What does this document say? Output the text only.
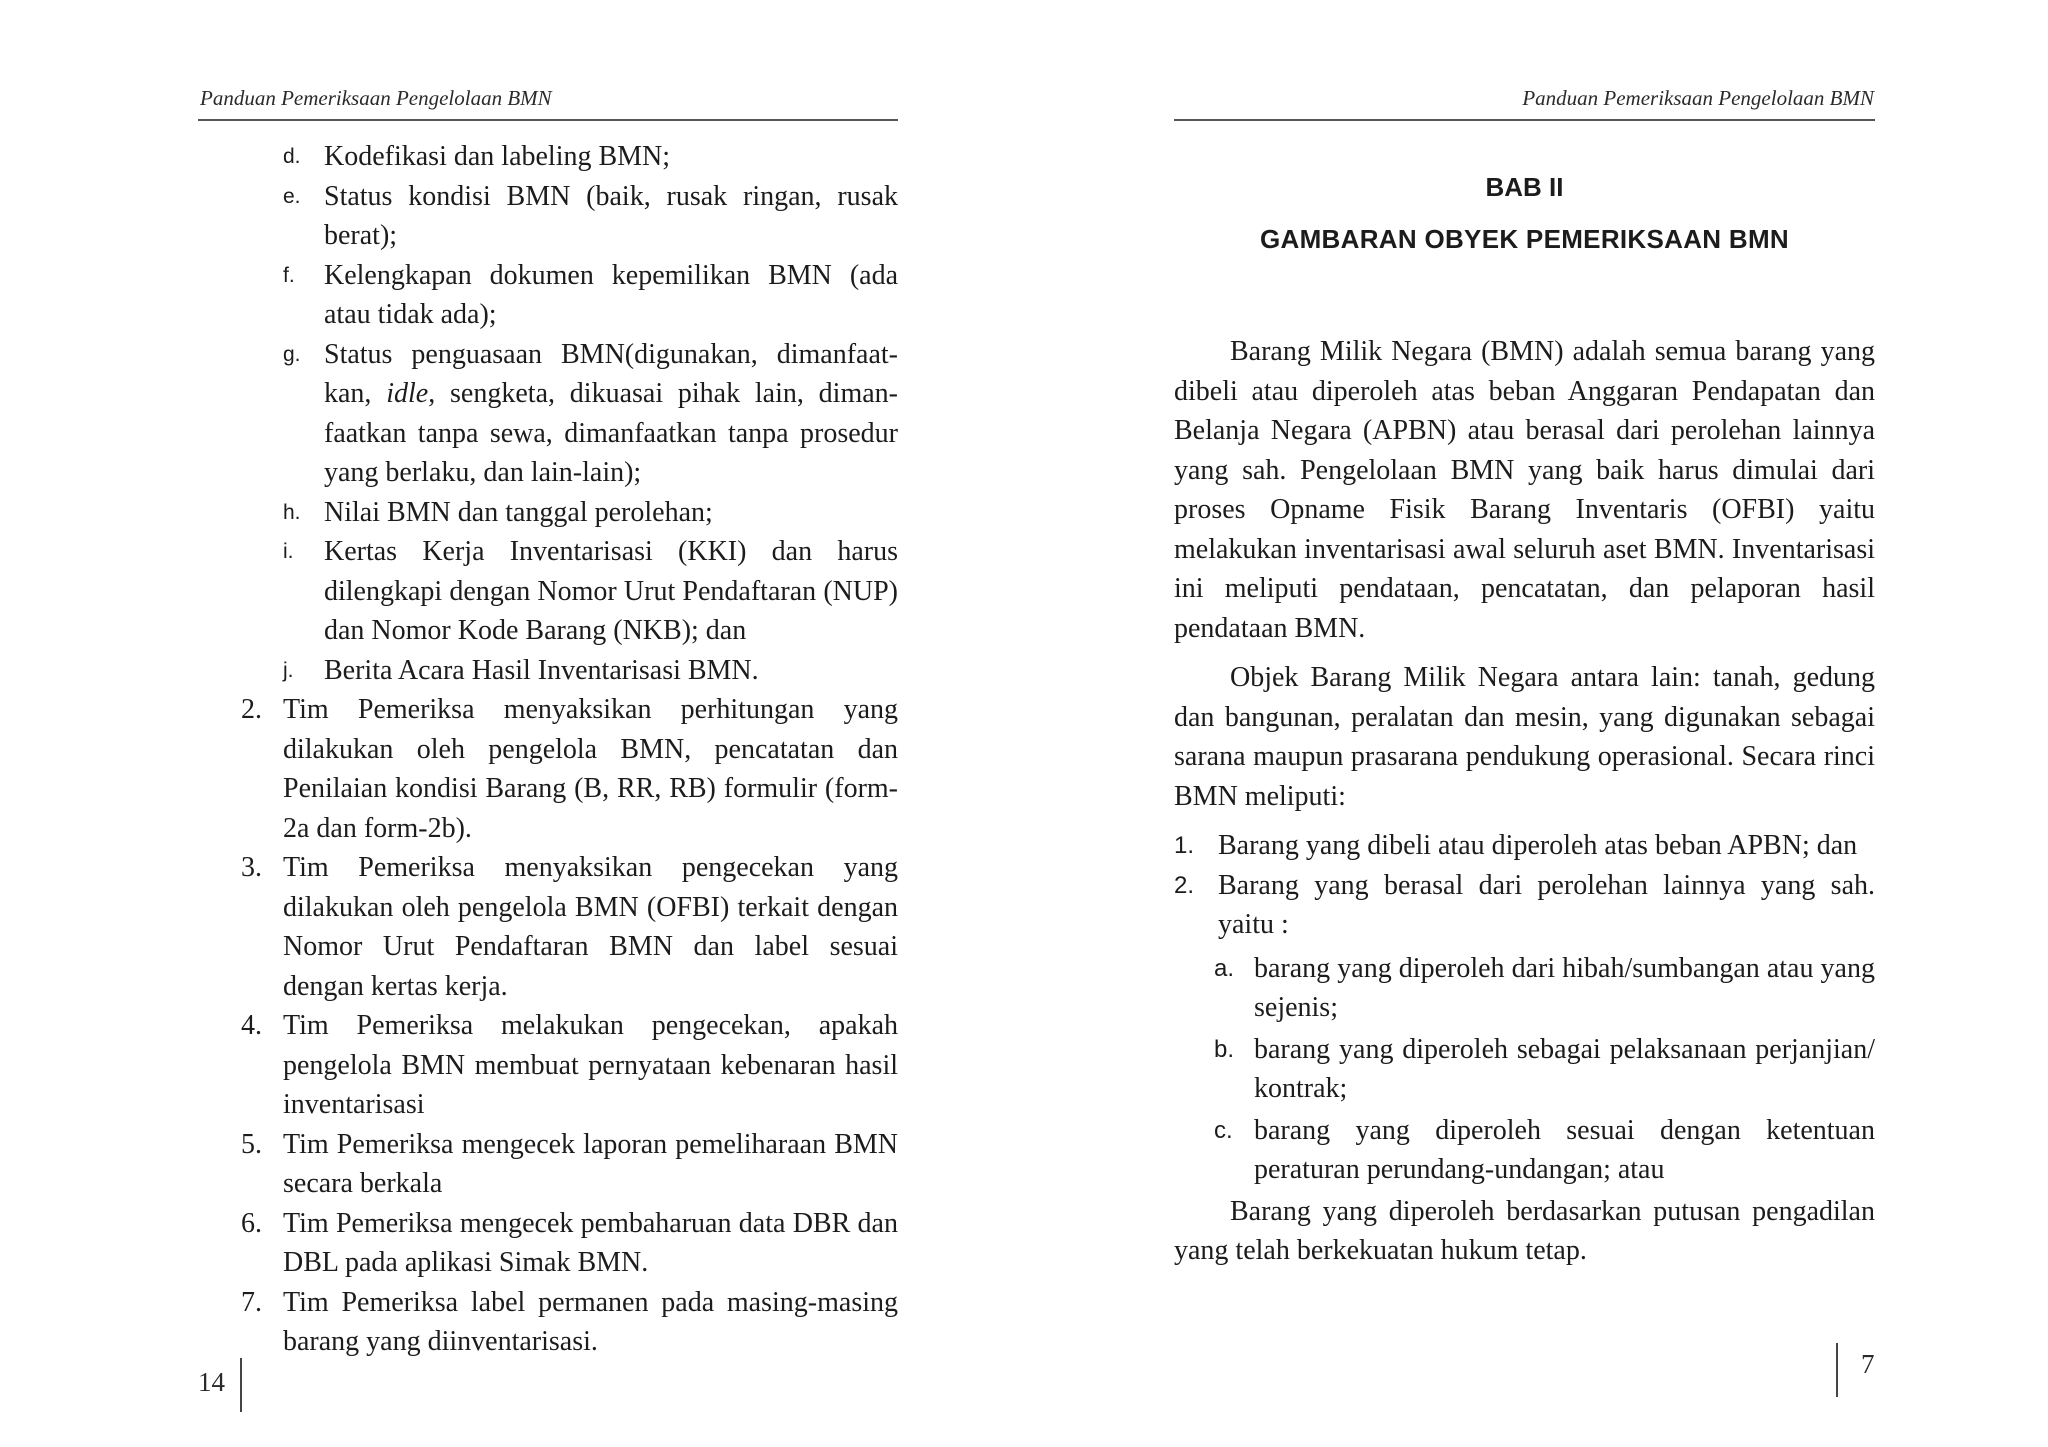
Panduan Pemeriksaan Pengelolaan BMN
d. Kodefikasi dan labeling BMN;
e. Status kondisi BMN (baik, rusak ringan, rusak berat);
f.	Kelengkapan dokumen kepemilikan BMN (ada atau tidak ada);
g. Status penguasaan BMN(digunakan, dimanfaat-kan, idle, sengketa, dikuasai pihak lain, diman-faatkan tanpa sewa, dimanfaatkan tanpa prosedur yang berlaku, dan lain-lain);
h. Nilai BMN dan tanggal perolehan;
i.	Kertas Kerja Inventarisasi (KKI) dan harus dilengkapi dengan Nomor Urut Pendaftaran (NUP) dan Nomor Kode Barang (NKB); dan
j.	Berita Acara Hasil Inventarisasi BMN.
2. Tim Pemeriksa menyaksikan perhitungan yang dilakukan oleh pengelola BMN, pencatatan dan Penilaian kondisi Barang (B, RR, RB) formulir (form-2a dan form-2b).
3. Tim Pemeriksa menyaksikan pengecekan yang dilakukan oleh pengelola BMN (OFBI) terkait dengan Nomor Urut Pendaftaran BMN dan label sesuai dengan kertas kerja.
4. Tim Pemeriksa melakukan pengecekan, apakah pengelola BMN membuat pernyataan kebenaran hasil inventarisasi
5. Tim Pemeriksa mengecek laporan pemeliharaan BMN secara berkala
6. Tim Pemeriksa mengecek pembaharuan data DBR dan DBL pada aplikasi Simak BMN.
7. Tim Pemeriksa label permanen pada masing-masing barang yang diinventarisasi.
14
Panduan Pemeriksaan Pengelolaan BMN
BAB II
GAMBARAN OBYEK PEMERIKSAAN BMN

Barang Milik Negara (BMN) adalah semua barang yang dibeli atau diperoleh atas beban Anggaran Pendapatan dan Belanja Negara (APBN) atau berasal dari perolehan lainnya yang sah. Pengelolaan BMN yang baik harus dimulai dari proses Opname Fisik Barang Inventaris (OFBI) yaitu melakukan inventarisasi awal seluruh aset BMN. Inventarisasi ini meliputi pendataan, pencatatan, dan pelaporan hasil pendataan BMN.

Objek Barang Milik Negara antara lain: tanah, gedung dan bangunan, peralatan dan mesin, yang digunakan sebagai sarana maupun prasarana pendukung operasional. Secara rinci BMN meliputi:

1. Barang yang dibeli atau diperoleh atas beban APBN; dan
2. Barang yang berasal dari perolehan lainnya yang sah. yaitu :
a. barang yang diperoleh dari hibah/sumbangan atau yang sejenis;
b. barang yang diperoleh sebagai pelaksanaan perjanjian/ kontrak;
c. barang yang diperoleh sesuai dengan ketentuan peraturan perundang-undangan; atau

Barang yang diperoleh berdasarkan putusan pengadilan yang telah berkekuatan hukum tetap.

7
